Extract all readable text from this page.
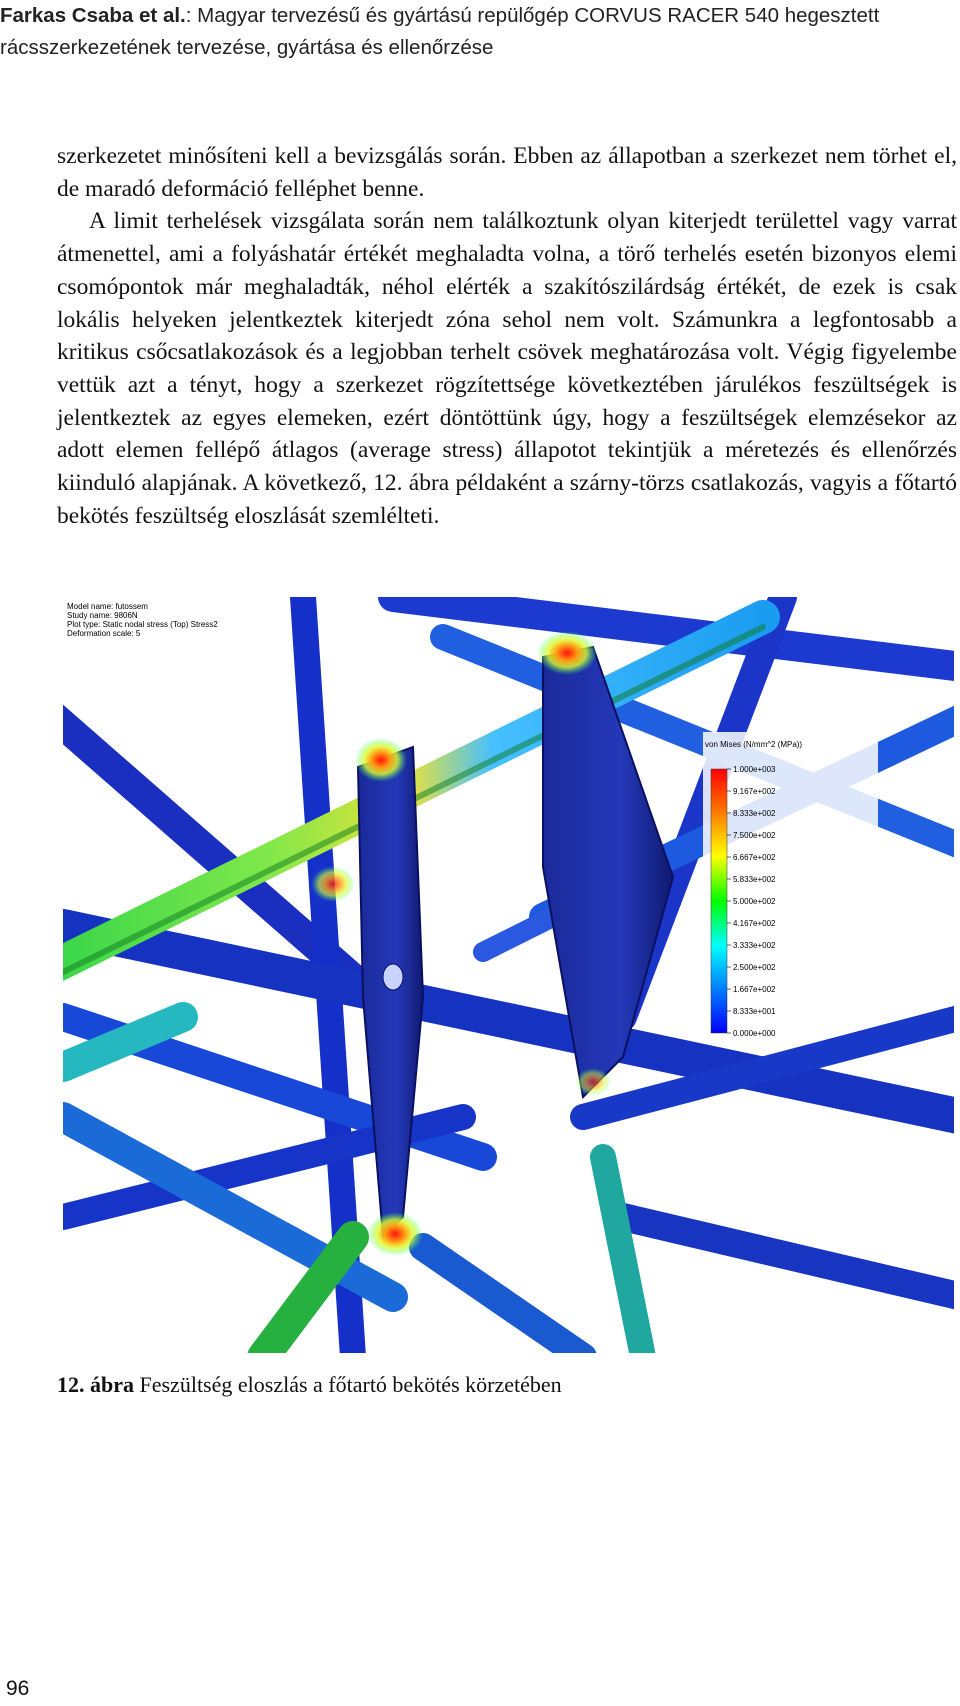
Farkas Csaba et al.: Magyar tervezésű és gyártású repülőgép CORVUS RACER 540 hegesztett
rácsszerkezetének tervezése, gyártása és ellenőrzése

szerkezetet minősíteni kell a bevizsgálás során. Ebben az állapotban a szerkezet nem törhet el, de maradó deformáció felléphet benne.

A limit terhelések vizsgálata során nem találkoztunk olyan kiterjedt területtel vagy varrat átmenettel, ami a folyáshatár értékét meghaladta volna, a törő terhelés esetén bizonyos elemi csomópontok már meghaladták, néhol elérték a szakítószilárdság értékét, de ezek is csak lokális helyeken jelentkeztek kiterjedt zóna sehol nem volt. Számunkra a legfontosabb a kritikus csőcsatlakozások és a legjobban terhelt csövek meghatározása volt. Végig figyelembe vettük azt a tényt, hogy a szerkezet rögzítettsége következtében járulékos feszültségek is jelentkeztek az egyes elemeken, ezért döntöttünk úgy, hogy a feszültségek elemzésekor az adott elemen fellépő átlagos (average stress) állapotot tekintjük a méretezés és ellenőrzés kiinduló alapjának. A következő, 12. ábra példaként a szárny-törzs csatlakozás, vagyis a főtartó bekötés feszültség eloszlását szemlélteti.

Model name: futossem
Study name: 9806N
Plot type: Static nodal stress (Top) Stress2
Deformation scale: 5
von Mises (N/mm^2 (MPa))
1.000e+003
9.167e+002
8.333e+002
7.500e+002
6.667e+002
5.833e+002
5.000e+002
4.167e+002
3.333e+002
2.500e+002
1.667e+002
8.333e+001
0.000e+000
12. ábra Feszültség eloszlás a főtartó bekötés körzetében
96
